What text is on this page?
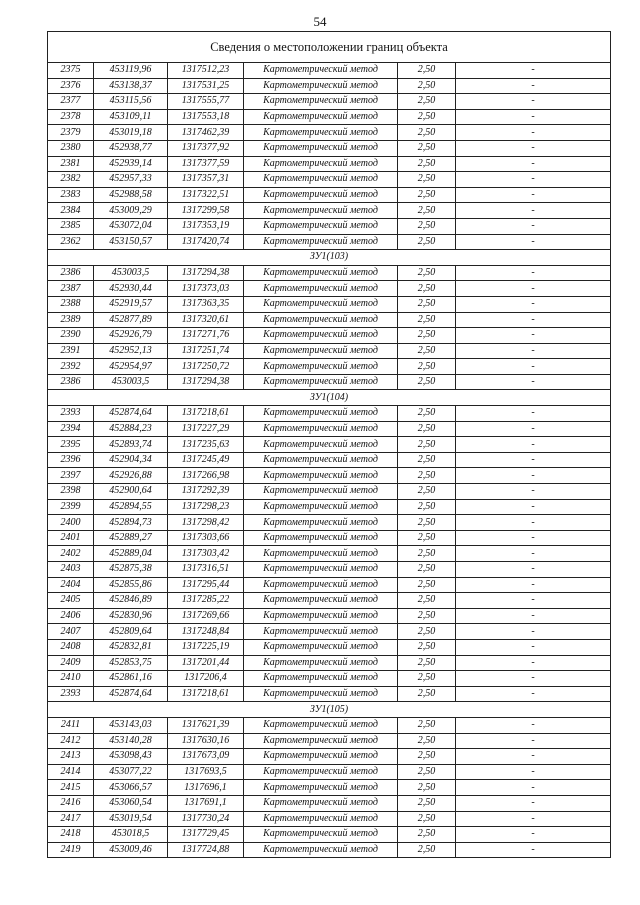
54
Сведения о местоположении границ объекта					
2375	453119,96	1317512,23	Картометрический метод	2,50	-
2376	453138,37	1317531,25	Картометрический метод	2,50	-
2377	453115,56	1317555,77	Картометрический метод	2,50	-
2378	453109,11	1317553,18	Картометрический метод	2,50	-
2379	453019,18	1317462,39	Картометрический метод	2,50	-
2380	452938,77	1317377,92	Картометрический метод	2,50	-
2381	452939,14	1317377,59	Картометрический метод	2,50	-
2382	452957,33	1317357,31	Картометрический метод	2,50	-
2383	452988,58	1317322,51	Картометрический метод	2,50	-
2384	453009,29	1317299,58	Картометрический метод	2,50	-
2385	453072,04	1317353,19	Картометрический метод	2,50	-
2362	453150,57	1317420,74	Картометрический метод	2,50	-
ЗУ1(103)					
2386	453003,5	1317294,38	Картометрический метод	2,50	-
2387	452930,44	1317373,03	Картометрический метод	2,50	-
2388	452919,57	1317363,35	Картометрический метод	2,50	-
2389	452877,89	1317320,61	Картометрический метод	2,50	-
2390	452926,79	1317271,76	Картометрический метод	2,50	-
2391	452952,13	1317251,74	Картометрический метод	2,50	-
2392	452954,97	1317250,72	Картометрический метод	2,50	-
2386	453003,5	1317294,38	Картометрический метод	2,50	-
ЗУ1(104)					
2393	452874,64	1317218,61	Картометрический метод	2,50	-
2394	452884,23	1317227,29	Картометрический метод	2,50	-
2395	452893,74	1317235,63	Картометрический метод	2,50	-
2396	452904,34	1317245,49	Картометрический метод	2,50	-
2397	452926,88	1317266,98	Картометрический метод	2,50	-
2398	452900,64	1317292,39	Картометрический метод	2,50	-
2399	452894,55	1317298,23	Картометрический метод	2,50	-
2400	452894,73	1317298,42	Картометрический метод	2,50	-
2401	452889,27	1317303,66	Картометрический метод	2,50	-
2402	452889,04	1317303,42	Картометрический метод	2,50	-
2403	452875,38	1317316,51	Картометрический метод	2,50	-
2404	452855,86	1317295,44	Картометрический метод	2,50	-
2405	452846,89	1317285,22	Картометрический метод	2,50	-
2406	452830,96	1317269,66	Картометрический метод	2,50	-
2407	452809,64	1317248,84	Картометрический метод	2,50	-
2408	452832,81	1317225,19	Картометрический метод	2,50	-
2409	452853,75	1317201,44	Картометрический метод	2,50	-
2410	452861,16	1317206,4	Картометрический метод	2,50	-
2393	452874,64	1317218,61	Картометрический метод	2,50	-
ЗУ1(105)					
2411	453143,03	1317621,39	Картометрический метод	2,50	-
2412	453140,28	1317630,16	Картометрический метод	2,50	-
2413	453098,43	1317673,09	Картометрический метод	2,50	-
2414	453077,22	1317693,5	Картометрический метод	2,50	-
2415	453066,57	1317696,1	Картометрический метод	2,50	-
2416	453060,54	1317691,1	Картометрический метод	2,50	-
2417	453019,54	1317730,24	Картометрический метод	2,50	-
2418	453018,5	1317729,45	Картометрический метод	2,50	-
2419	453009,46	1317724,88	Картометрический метод	2,50	-
